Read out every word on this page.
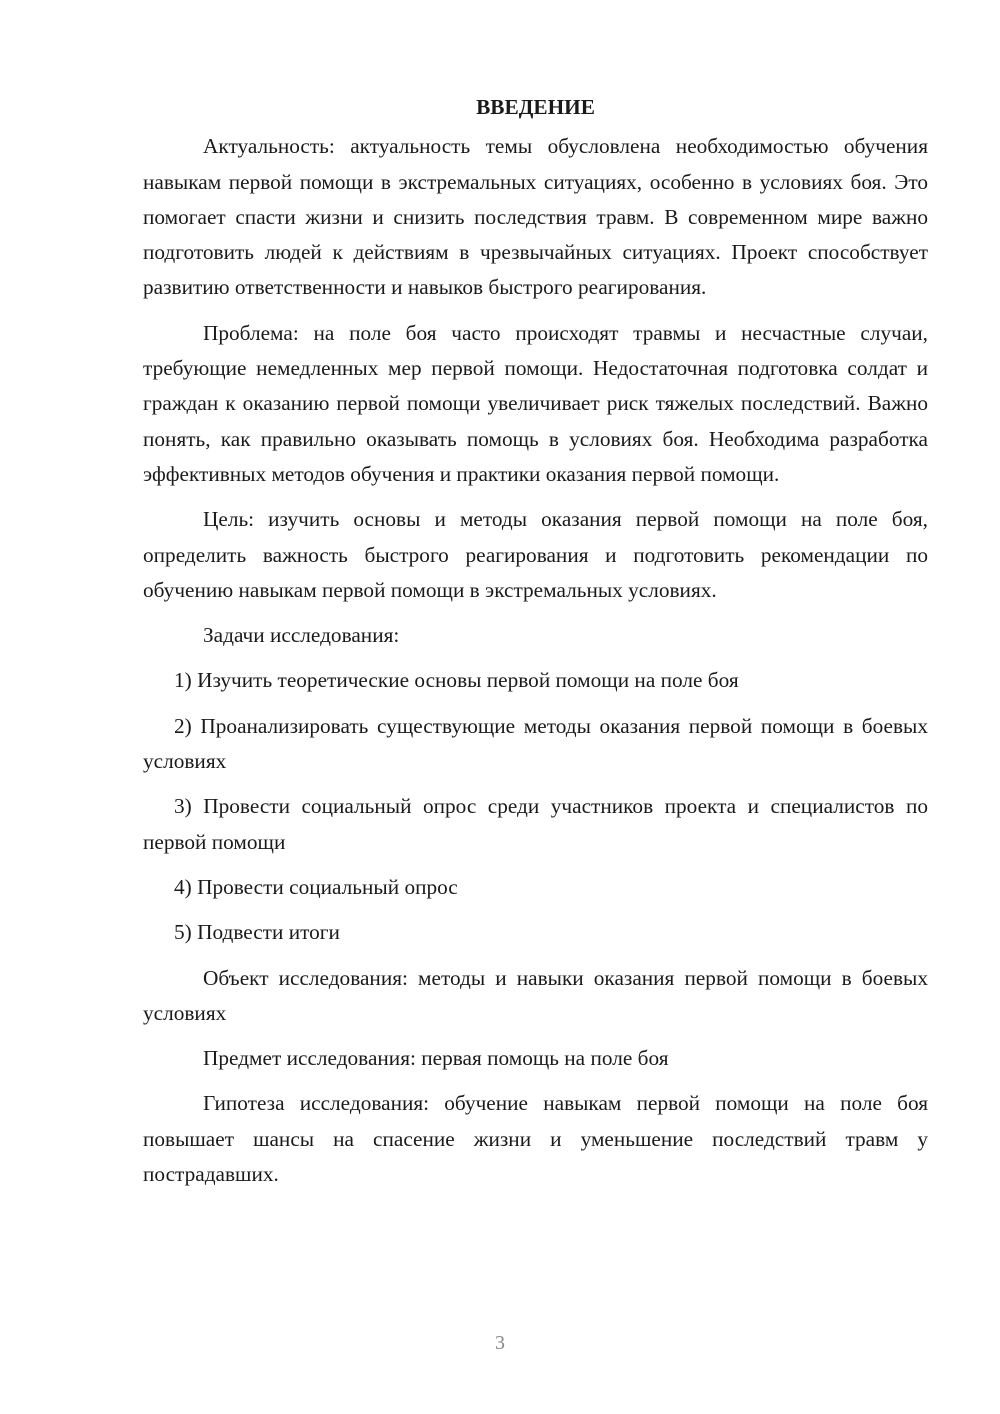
ВВЕДЕНИЕ

Актуальность: актуальность темы обусловлена необходимостью обучения навыкам первой помощи в экстремальных ситуациях, особенно в условиях боя. Это помогает спасти жизни и снизить последствия травм. В современном мире важно подготовить людей к действиям в чрезвычайных ситуациях. Проект способствует развитию ответственности и навыков быстрого реагирования.

Проблема: на поле боя часто происходят травмы и несчастные случаи, требующие немедленных мер первой помощи. Недостаточная подготовка солдат и граждан к оказанию первой помощи увеличивает риск тяжелых последствий. Важно понять, как правильно оказывать помощь в условиях боя. Необходима разработка эффективных методов обучения и практики оказания первой помощи.

Цель: изучить основы и методы оказания первой помощи на поле боя, определить важность быстрого реагирования и подготовить рекомендации по обучению навыкам первой помощи в экстремальных условиях.

Задачи исследования:

1) Изучить теоретические основы первой помощи на поле боя

2) Проанализировать существующие методы оказания первой помощи в боевых условиях

3) Провести социальный опрос среди участников проекта и специалистов по первой помощи

4) Провести социальный опрос

5) Подвести итоги

Объект исследования: методы и навыки оказания первой помощи в боевых условиях

Предмет исследования: первая помощь на поле боя

Гипотеза исследования: обучение навыкам первой помощи на поле боя повышает шансы на спасение жизни и уменьшение последствий травм у пострадавших.

3
